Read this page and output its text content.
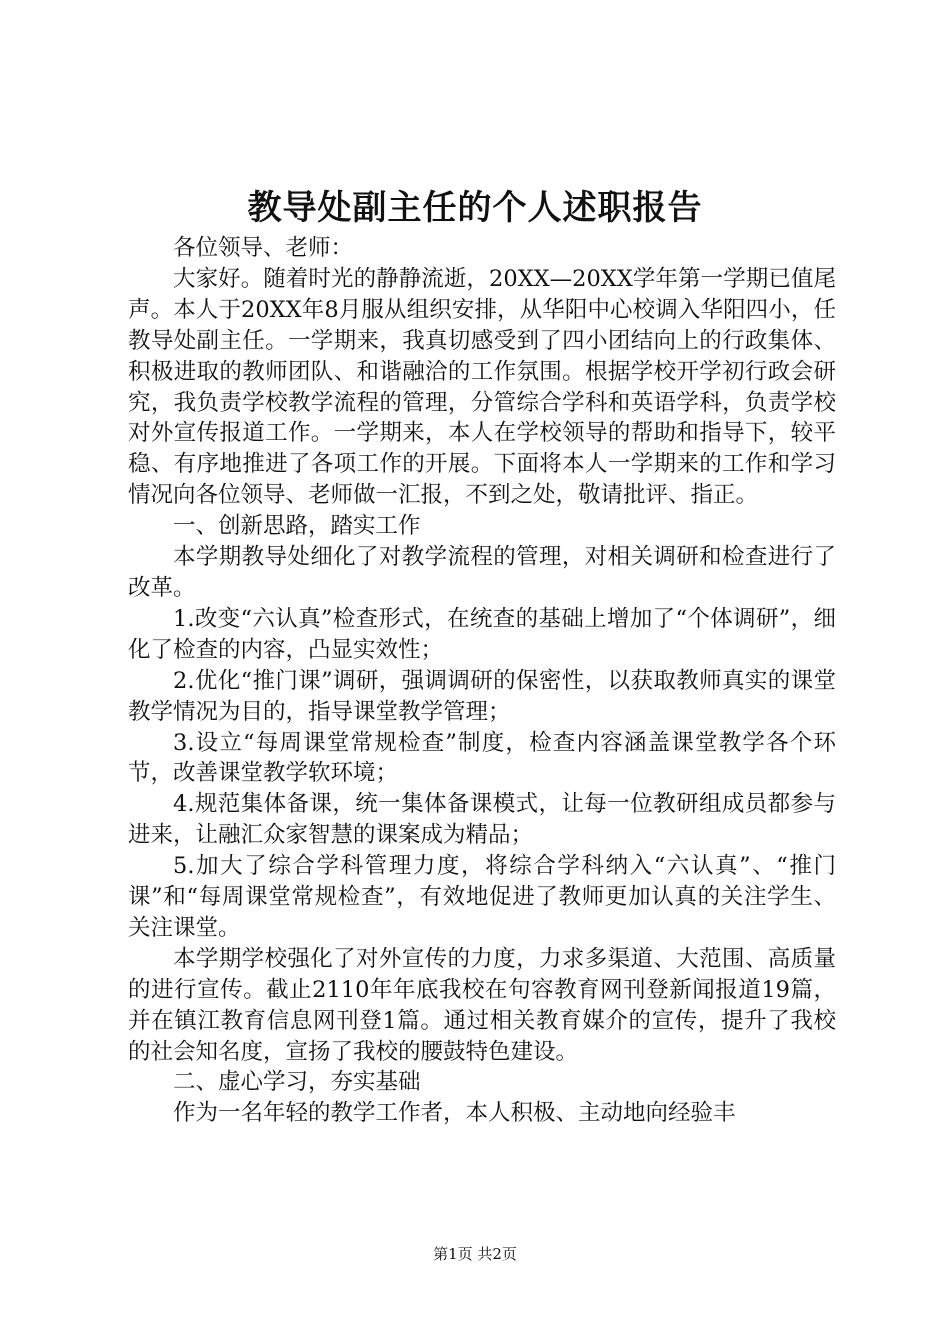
教导处副主任的个人述职报告

各位领导、老师：

大家好。随着时光的静静流逝，20XX—20XX学年第一学期已值尾声。本人于20XX年8月服从组织安排，从华阳中心校调入华阳四小，任教导处副主任。一学期来，我真切感受到了四小团结向上的行政集体、积极进取的教师团队、和谐融洽的工作氛围。根据学校开学初行政会研究，我负责学校教学流程的管理，分管综合学科和英语学科，负责学校对外宣传报道工作。一学期来，本人在学校领导的帮助和指导下，较平稳、有序地推进了各项工作的开展。下面将本人一学期来的工作和学习情况向各位领导、老师做一汇报，不到之处，敬请批评、指正。

一、创新思路，踏实工作

本学期教导处细化了对教学流程的管理，对相关调研和检查进行了改革。

1.改变“六认真”检查形式，在统查的基础上增加了“个体调研”，细化了检查的内容，凸显实效性；

2.优化“推门课”调研，强调调研的保密性，以获取教师真实的课堂教学情况为目的，指导课堂教学管理；

3.设立“每周课堂常规检查”制度，检查内容涵盖课堂教学各个环节，改善课堂教学软环境；

4.规范集体备课，统一集体备课模式，让每一位教研组成员都参与进来，让融汇众家智慧的课案成为精品；

5.加大了综合学科管理力度，将综合学科纳入“六认真”、“推门课”和“每周课堂常规检查”，有效地促进了教师更加认真的关注学生、关注课堂。

本学期学校强化了对外宣传的力度，力求多渠道、大范围、高质量的进行宣传。截止2110年年底我校在句容教育网刊登新闻报道19篇，并在镇江教育信息网刊登1篇。通过相关教育媒介的宣传，提升了我校的社会知名度，宣扬了我校的腰鼓特色建设。

二、虚心学习，夯实基础

作为一名年轻的教学工作者，本人积极、主动地向经验丰

第1页 共2页
